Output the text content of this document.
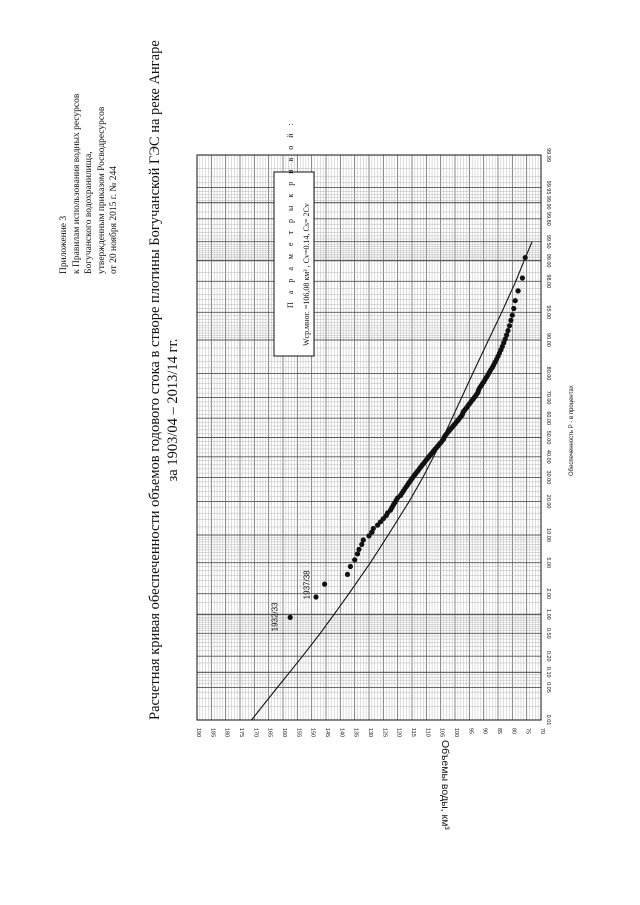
Приложение 3 к Правилам использования водных ресурсов Богучанского водохранилища, утвержденным приказом Росводресурсов от 20 ноября 2015 г. № 244 Расчетная кривая обеспеченности объемов годового стока в створе плотины Богучанской ГЭС на реке Ангаре за 1903/04 – 2013/14 гг.
190 185 180 175 170 165 160 155 150 145 140 135 130 125 120 115 110 105 100 95 90 85 80 75 70
0.01
0.05
0.10
0.20
0.50
1.00
2.00
5.00
10.00
20.00
30.00
40.00
50.00
60.00
70.00
80.00
90.00
95.00
98.00
99.00
99.50
99.80
99.90
99.95
99.99
1932/33
1937/38
П а р а м е т р ы к р и в о й : Wср.мног. =106,08 км³ , Cv=0.14, Cs= 2Cv
Объемы воды, км³
Обеспеченность P - в процентах
